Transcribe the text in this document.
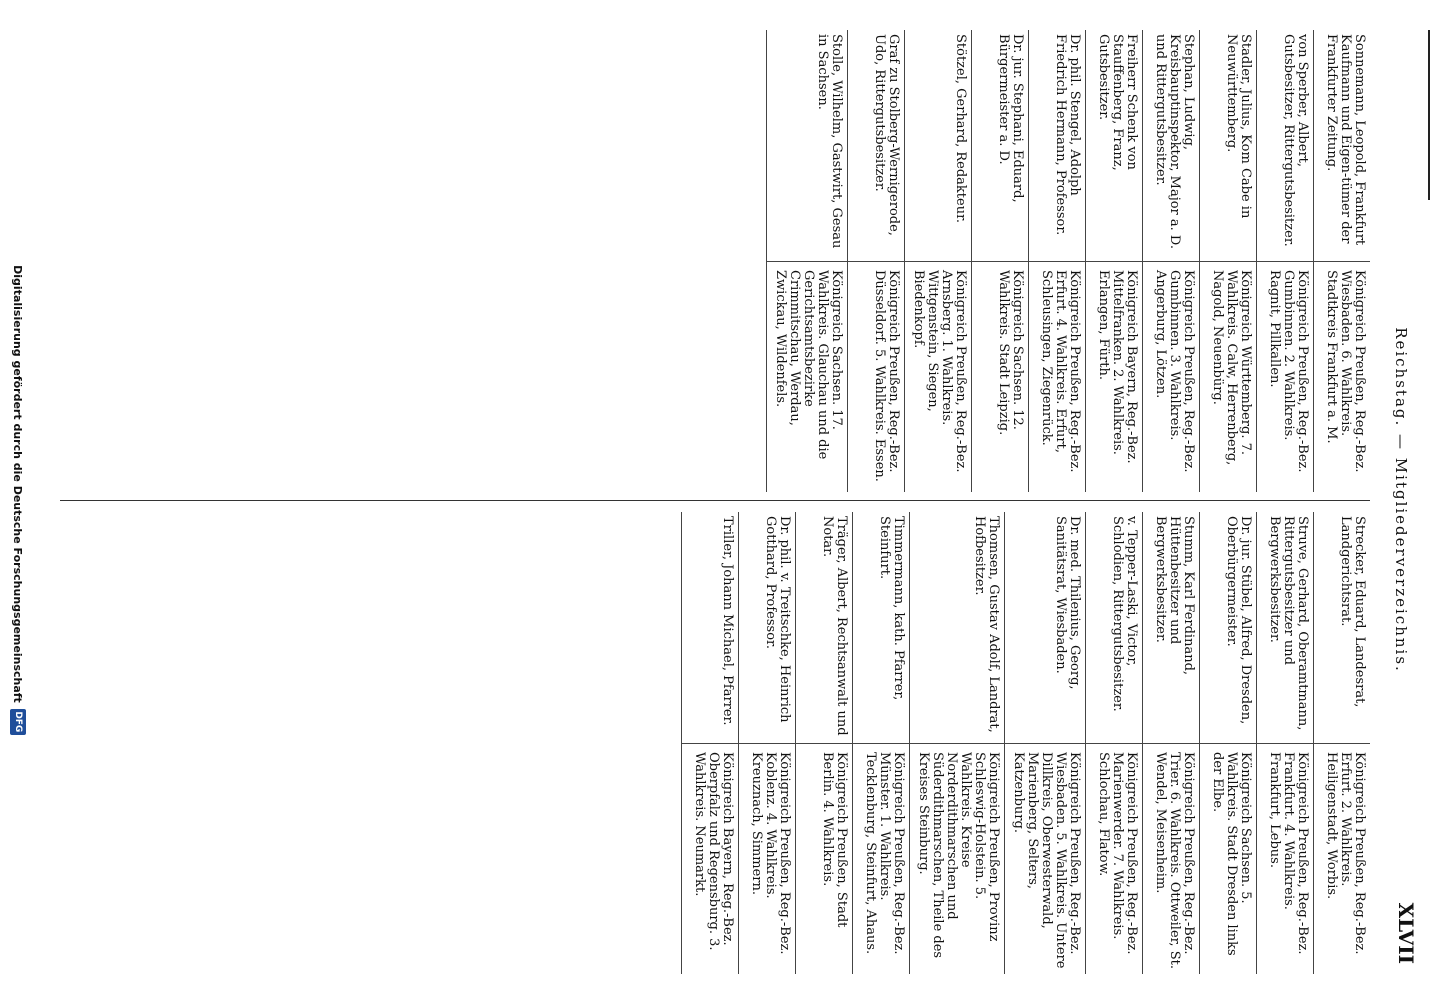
Reichstag. — Mitgliederverzeichnis.
XLVII
Sonnemann, Leopold, Frankfurt Kaufmann und Eigen-tümer der Frankfurter Zeitung.
Königreich Preußen, Reg.-Bez. Wiesbaden. 6. Wahlkreis. Stadtkreis Frankfurt a. M.
von Sperber, Albert, Gutsbesitzer, Rittergutsbesitzer.
Königreich Preußen, Reg.-Bez. Gumbinnen. 2. Wahlkreis. Ragnit, Pillkallen.
Stadler, Julius, Kom Cabe in Neuwürttemberg.
Königreich Württemberg. 7. Wahlkreis. Calw, Herrenberg, Nagold, Neuenbürg.
Stephan, Ludwig, Kreisbauptinspektor, Major a. D. und Rittergutsbesitzer.
Königreich Preußen, Reg.-Bez. Gumbinnen. 3. Wahlkreis. Angerburg, Lötzen.
Freiherr Schenk von Stauffenberg, Franz, Gutsbesitzer.
Königreich Bayern, Reg.-Bez. Mittelfranken. 2. Wahlkreis. Erlangen, Fürth.
Dr. phil. Stengel, Adolph Friedrich Hermann, Professor.
Königreich Preußen, Reg.-Bez. Erfurt. 4. Wahlkreis. Erfurt, Schleusingen, Ziegenrück.
Dr. jur. Stephani, Eduard, Bürgermeister a. D.
Königreich Sachsen. 12. Wahlkreis. Stadt Leipzig.
Stötzel, Gerhard, Redakteur.
Königreich Preußen, Reg.-Bez. Arnsberg. 1. Wahlkreis. Wittgenstein, Siegen, Biedenkopf.
Graf zu Stolberg-Wernigerode, Udo, Rittergutsbesitzer.
Königreich Preußen, Reg.-Bez. Düsseldorf. 5. Wahlkreis. Essen.
Stolle, Wilhelm, Gastwirt, Gesau in Sachsen.
Königreich Sachsen. 17. Wahlkreis. Glauchau und die Gerichtsamtsbezirke Crimmitschau, Werdau, Zwickau, Wildenfels.
Strecker, Eduard, Landesrat, Landgerichtsrat.
Königreich Preußen, Reg.-Bez. Erfurt. 2. Wahlkreis. Heiligenstadt, Worbis.
Struve, Gerhard, Oberamtmann, Rittergutsbesitzer und Bergwerksbesitzer.
Königreich Preußen, Reg.-Bez. Frankfurt. 4. Wahlkreis. Frankfurt, Lebus.
Dr. jur. Stübel, Alfred, Dresden, Oberbürgermeister.
Königreich Sachsen. 5. Wahlkreis. Stadt Dresden links der Elbe.
Stumm, Karl Ferdinand, Hüttenbesitzer und Bergwerksbesitzer.
Königreich Preußen, Reg.-Bez. Trier. 6. Wahlkreis. Ottweiler, St. Wendel, Meisenheim.
v. Tepper-Laski, Victor, Schlodien, Rittergutsbesitzer.
Königreich Preußen, Reg.-Bez. Marienwerder. 7. Wahlkreis. Schlochau, Flatow.
Dr. med. Thilenius, Georg, Sanitätsrat, Wiesbaden.
Königreich Preußen, Reg.-Bez. Wiesbaden. 5. Wahlkreis. Untere Dillkreis, Oberwesterwald, Marienberg, Selters, Katzenburg.
Thomsen, Gustav Adolf, Landrat, Hofbesitzer.
Königreich Preußen, Provinz Schleswig-Holstein. 5. Wahlkreis. Kreise Norderdithmarschen und Süderdithmarschen, Theile des Kreises Steinburg.
Timmermann, kath. Pfarrer, Steinfurt.
Königreich Preußen, Reg.-Bez. Münster. 1. Wahlkreis. Tecklenburg, Steinfurt, Ahaus.
Träger, Albert, Rechtsanwalt und Notar.
Königreich Preußen, Stadt Berlin. 4. Wahlkreis.
Dr. phil. v. Treitschke, Heinrich Gotthard, Professor.
Königreich Preußen, Reg.-Bez. Koblenz. 4. Wahlkreis. Kreuznach, Simmern.
Triller, Johann Michael, Pfarrer.
Königreich Bayern, Reg.-Bez. Oberpfalz und Regensburg. 3. Wahlkreis. Neumarkt.
Digitalisierung gefördert durch die Deutsche Forschungsgemeinschaft
DFG
